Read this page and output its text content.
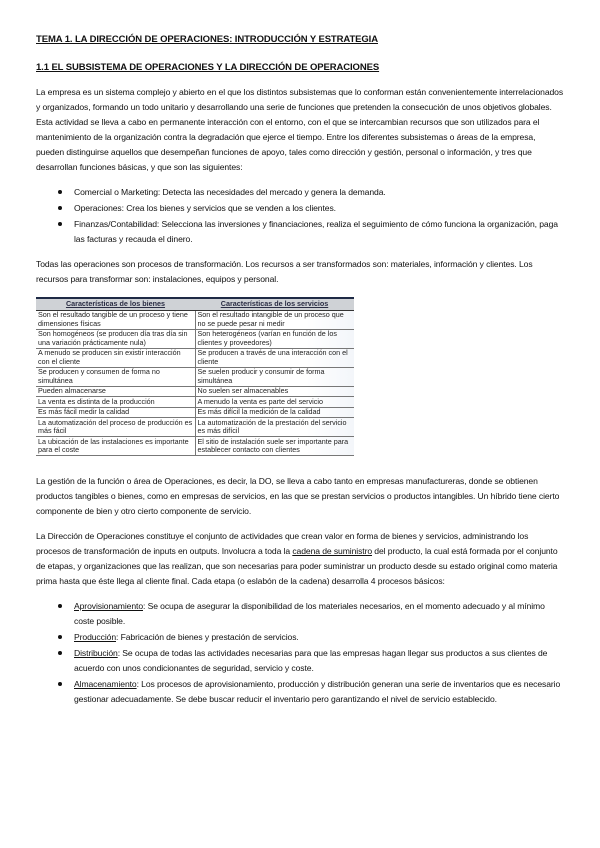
TEMA 1. LA DIRECCIÓN DE OPERACIONES: INTRODUCCIÓN Y ESTRATEGIA
1.1 EL SUBSISTEMA DE OPERACIONES Y LA DIRECCIÓN DE OPERACIONES

La empresa es un sistema complejo y abierto en el que los distintos subsistemas que lo conforman están convenientemente interrelacionados y organizados, formando un todo unitario y desarrollando una serie de funciones que pretenden la consecución de unos objetivos globales. Esta actividad se lleva a cabo en permanente interacción con el entorno, con el que se intercambian recursos que son utilizados para el mantenimiento de la organización contra la degradación que ejerce el tiempo. Entre los diferentes subsistemas o áreas de la empresa, pueden distinguirse aquellos que desempeñan funciones de apoyo, tales como dirección y gestión, personal o información, y tres que desarrollan funciones básicas, y que son las siguientes:

Comercial o Marketing: Detecta las necesidades del mercado y genera la demanda.
Operaciones: Crea los bienes y servicios que se venden a los clientes.
Finanzas/Contabilidad: Selecciona las inversiones y financiaciones, realiza el seguimiento de cómo funciona la organización, paga las facturas y recauda el dinero.

Todas las operaciones son procesos de transformación. Los recursos a ser transformados son: materiales, información y clientes. Los recursos para transformar son: instalaciones, equipos y personal.

Características de los bienes	Características de los servicios
Son el resultado tangible de un proceso y tiene dimensiones físicas	Son el resultado intangible de un proceso que no se puede pesar ni medir
Son homogéneos (se producen día tras día sin una variación prácticamente nula)	Son heterogéneos (varían en función de los clientes y proveedores)
A menudo se producen sin existir interacción con el cliente	Se producen a través de una interacción con el cliente
Se producen y consumen de forma no simultánea	Se suelen producir y consumir de forma simultánea
Pueden almacenarse	No suelen ser almacenables
La venta es distinta de la producción	A menudo la venta es parte del servicio
Es más fácil medir la calidad	Es más difícil la medición de la calidad
La automatización del proceso de producción es más fácil	La automatización de la prestación del servicio es más difícil
La ubicación de las instalaciones es importante para el coste	El sitio de instalación suele ser importante para establecer contacto con clientes

La gestión de la función o área de Operaciones, es decir, la DO, se lleva a cabo tanto en empresas manufactureras, donde se obtienen productos tangibles o bienes, como en empresas de servicios, en las que se prestan servicios o productos intangibles. Un híbrido tiene cierto componente de bien y otro cierto componente de servicio.

La Dirección de Operaciones constituye el conjunto de actividades que crean valor en forma de bienes y servicios, administrando los procesos de transformación de inputs en outputs. Involucra a toda la cadena de suministro del producto, la cual está formada por el conjunto de etapas, y organizaciones que las realizan, que son necesarias para poder suministrar un producto desde su estado original como materia prima hasta que éste llega al cliente final. Cada etapa (o eslabón de la cadena) desarrolla 4 procesos básicos:

Aprovisionamiento: Se ocupa de asegurar la disponibilidad de los materiales necesarios, en el momento adecuado y al mínimo coste posible.
Producción: Fabricación de bienes y prestación de servicios.
Distribución: Se ocupa de todas las actividades necesarias para que las empresas hagan llegar sus productos a sus clientes de acuerdo con unos condicionantes de seguridad, servicio y coste.
Almacenamiento: Los procesos de aprovisionamiento, producción y distribución generan una serie de inventarios que es necesario gestionar adecuadamente. Se debe buscar reducir el inventario pero garantizando el nivel de servicio establecido.
